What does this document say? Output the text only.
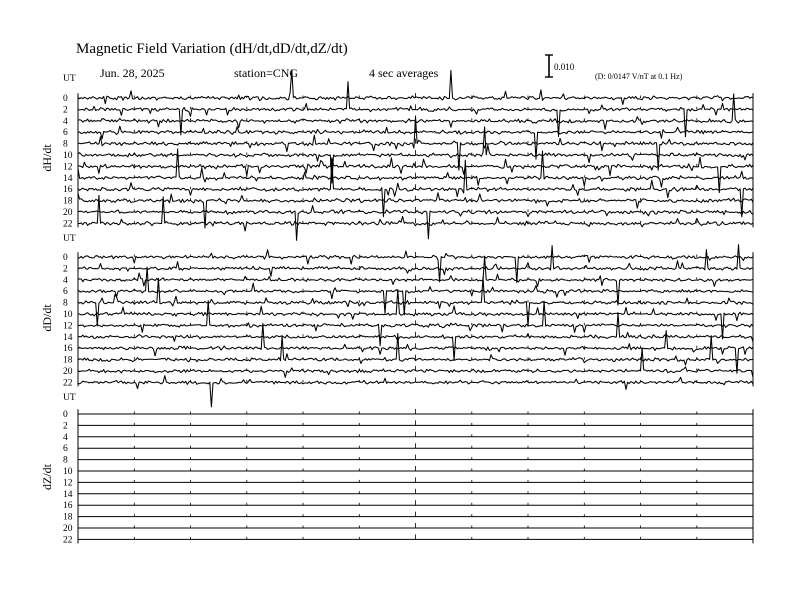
Magnetic Field Variation (dH/dt,dD/dt,dZ/dt)
Jun. 28, 2025	station=CNG	4 sec averages	0.010
(D: 0/0147 V/nT at 0.1 Hz)
UT
dH/dt
0
2
4
6
8
10
12
14
16
18
20
22
UT
dD/dt
0
2
4
6
8
10
12
14
16
18
20
22
UT
dZ/dt
0
2
4
6
8
10
12
14
16
18
20
22
